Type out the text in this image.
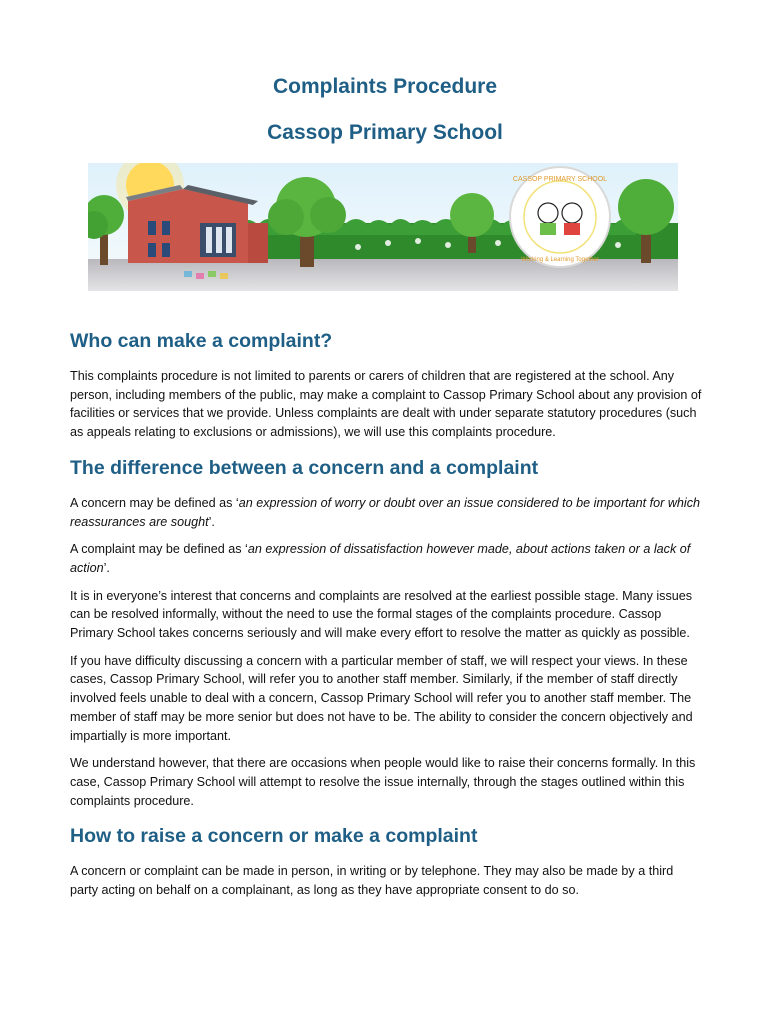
Complaints Procedure
Cassop Primary School
CASSOP PRIMARY SCHOOL
Working & Learning Together
Who can make a complaint?

This complaints procedure is not limited to parents or carers of children that are registered at the school. Any person, including members of the public, may make a complaint to Cassop Primary School about any provision of facilities or services that we provide. Unless complaints are dealt with under separate statutory procedures (such as appeals relating to exclusions or admissions), we will use this complaints procedure.

The difference between a concern and a complaint

A concern may be defined as ‘an expression of worry or doubt over an issue considered to be important for which reassurances are sought’.

A complaint may be defined as ‘an expression of dissatisfaction however made, about actions taken or a lack of action’.

It is in everyone’s interest that concerns and complaints are resolved at the earliest possible stage. Many issues can be resolved informally, without the need to use the formal stages of the complaints procedure. Cassop Primary School takes concerns seriously and will make every effort to resolve the matter as quickly as possible.

If you have difficulty discussing a concern with a particular member of staff, we will respect your views. In these cases, Cassop Primary School, will refer you to another staff member. Similarly, if the member of staff directly involved feels unable to deal with a concern, Cassop Primary School will refer you to another staff member. The member of staff may be more senior but does not have to be. The ability to consider the concern objectively and impartially is more important.

We understand however, that there are occasions when people would like to raise their concerns formally. In this case, Cassop Primary School will attempt to resolve the issue internally, through the stages outlined within this complaints procedure.

How to raise a concern or make a complaint

A concern or complaint can be made in person, in writing or by telephone. They may also be made by a third party acting on behalf on a complainant, as long as they have appropriate consent to do so.
